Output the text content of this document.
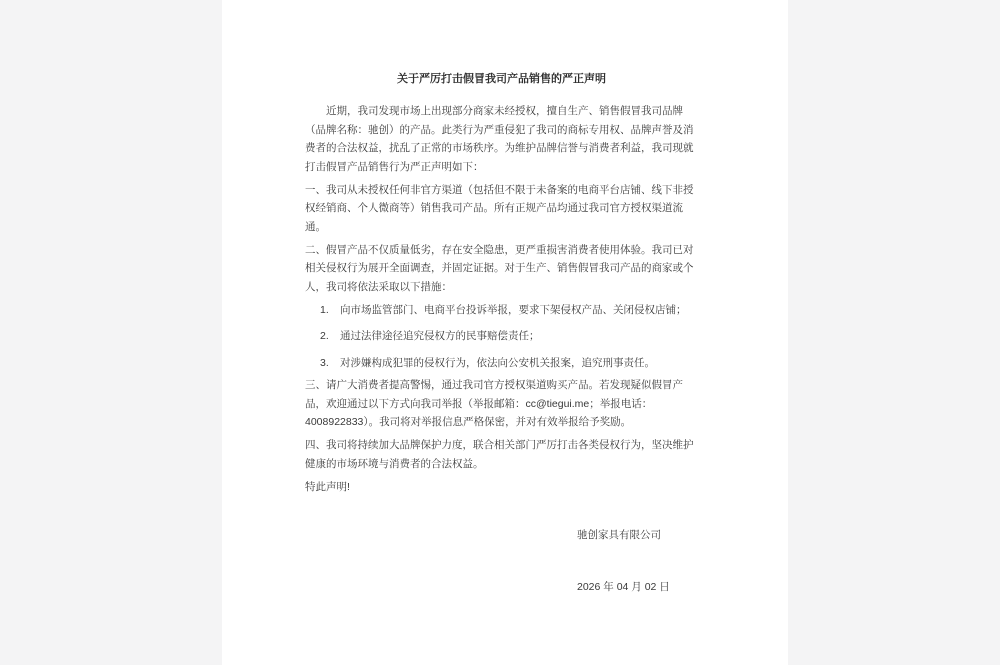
关于严厉打击假冒我司产品销售的严正声明

近期，我司发现市场上出现部分商家未经授权，擅自生产、销售假冒我司品牌（品牌名称：驰创）的产品。此类行为严重侵犯了我司的商标专用权、品牌声誉及消费者的合法权益，扰乱了正常的市场秩序。为维护品牌信誉与消费者利益，我司现就打击假冒产品销售行为严正声明如下：

一、我司从未授权任何非官方渠道（包括但不限于未备案的电商平台店铺、线下非授权经销商、个人微商等）销售我司产品。所有正规产品均通过我司官方授权渠道流通。

二、假冒产品不仅质量低劣，存在安全隐患，更严重损害消费者使用体验。我司已对相关侵权行为展开全面调查，并固定证据。对于生产、销售假冒我司产品的商家或个人，我司将依法采取以下措施：

1.	向市场监管部门、电商平台投诉举报，要求下架侵权产品、关闭侵权店铺；
2.	通过法律途径追究侵权方的民事赔偿责任；
3.	对涉嫌构成犯罪的侵权行为，依法向公安机关报案，追究刑事责任。

三、请广大消费者提高警惕，通过我司官方授权渠道购买产品。若发现疑似假冒产品，欢迎通过以下方式向我司举报（举报邮箱：cc@tiegui.me；举报电话：4008922833）。我司将对举报信息严格保密，并对有效举报给予奖励。

四、我司将持续加大品牌保护力度，联合相关部门严厉打击各类侵权行为，坚决维护健康的市场环境与消费者的合法权益。

特此声明!

驰创家具有限公司

2026 年 04 月 02 日
